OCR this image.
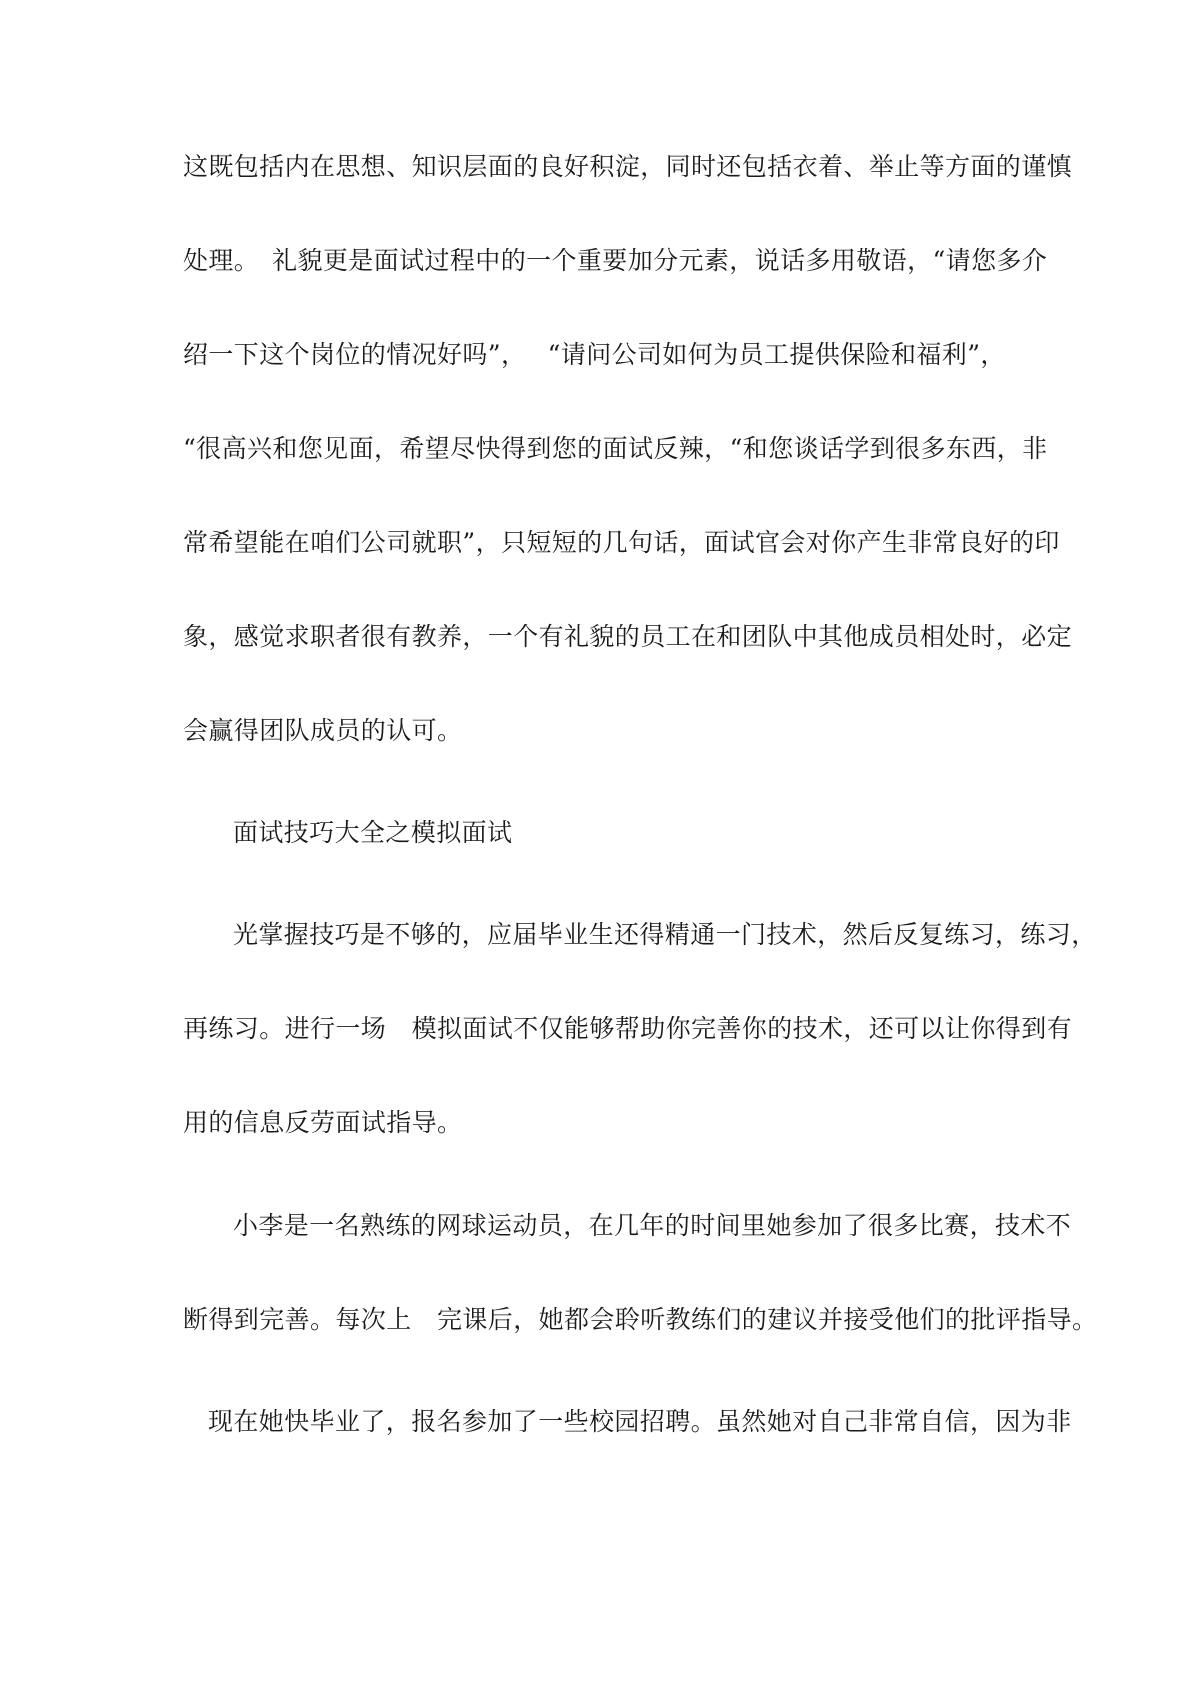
这既包括内在思想、知识层面的良好积淀，同时还包括衣着、举止等方面的谨慎
处理。　礼貌更是面试过程中的一个重要加分元素，说话多用敬语，“请您多介
绍一下这个岗位的情况好吗”，　 “请问公司如何为员工提供保险和福利”，
“很高兴和您见面，希望尽快得到您的面试反辣，“和您谈话学到很多东西，非
常希望能在咱们公司就职”，只短短的几句话，面试官会对你产生非常良好的印
象，感觉求职者很有教养，一个有礼貌的员工在和团队中其他成员相处时，必定
会赢得团队成员的认可。
面试技巧大全之模拟面试
光掌握技巧是不够的，应届毕业生还得精通一门技术，然后反复练习，练习，
再练习。进行一场　模拟面试不仅能够帮助你完善你的技术，还可以让你得到有
用的信息反劳面试指导。
小李是一名熟练的网球运动员，在几年的时间里她参加了很多比赛，技术不
断得到完善。每次上　完课后，她都会聆听教练们的建议并接受他们的批评指导。
现在她快毕业了，报名参加了一些校园招聘。虽然她对自己非常自信，因为非
